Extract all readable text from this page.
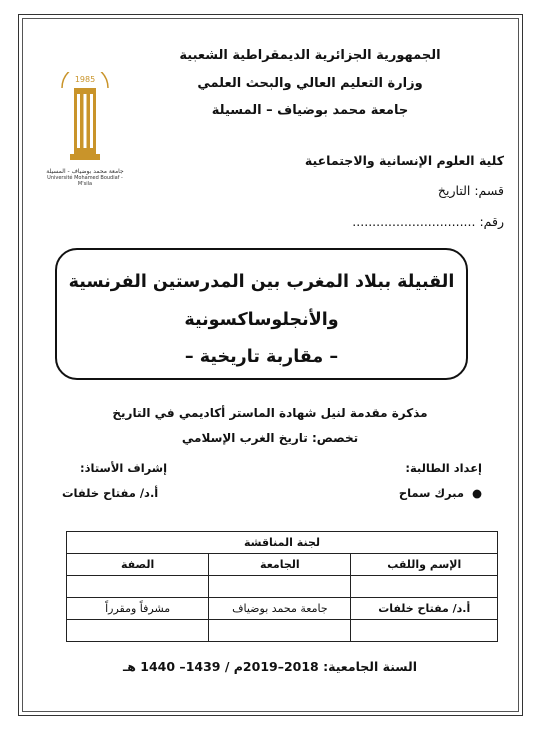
الجمهورية الجزائرية الديمقراطية الشعبية
وزارة التعليم العالي والبحث العلمي
جامعة محمد بوضياف – المسيلة
1985
جامعة محمد بوضياف - المسيلة
Université Mohamed Boudiaf - M'sila
كلية العلوم الإنسانية والاجتماعية
قسم: التاريخ
رقم: ...............................
القبيلة ببلاد المغرب بين المدرستين الفرنسية
والأنجلوساكسونية
– مقاربة تاريخية –
مذكرة مقدمة لنيل شهادة الماستر أكاديمي في التاريخ
تخصص: تاريخ الغرب الإسلامي
إعداد الطالبة:
●  مبرك سماح
إشراف الأستاذ:
أ.د/ مفتاح خلفات
لجنة المناقشة		
الإسم واللقب	الجامعة	الصفة

أ.د/ مفتاح خلفات	جامعة محمد بوضياف	مشرفاً ومقرراً

السنة الجامعية: 2018–2019م / 1439– 1440 هـ
